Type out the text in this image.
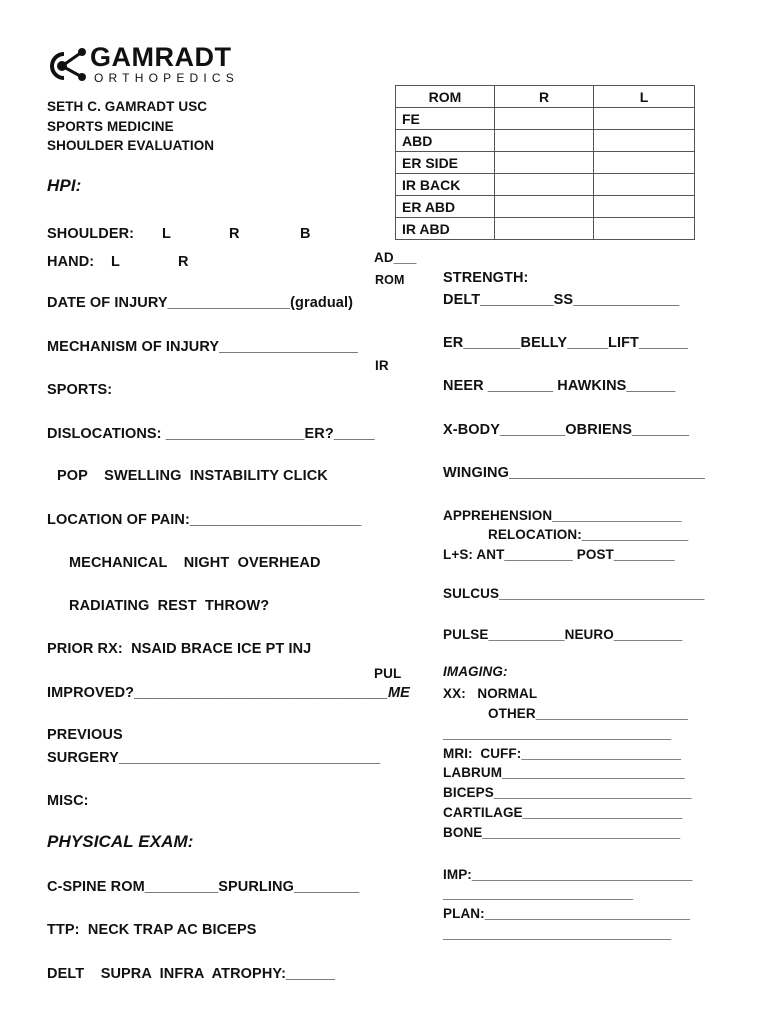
GAMRADT
ORTHOPEDICS
SETH C. GAMRADT USC
SPORTS MEDICINE
SHOULDER EVALUATION
ROM	R	L
FE		
ABD		
ER SIDE		
IR BACK		
ER ABD		
IR ABD		
HPI:
SHOULDER: L	R	B
HAND: L	R	AD___
ROM
DATE OF INJURY_______________(gradual)
MECHANISM OF INJURY_________________
IR
SPORTS:
DISLOCATIONS: _________________ER?_____
POP    SWELLING  INSTABILITY CLICK
LOCATION OF PAIN:_____________________
MECHANICAL    NIGHT  OVERHEAD
RADIATING  REST  THROW?
PRIOR RX:  NSAID BRACE ICE PT INJ
PUL
IMPROVED?_______________________________ ME
PREVIOUS
SURGERY________________________________
MISC:
PHYSICAL EXAM:
C-SPINE ROM_________SPURLING________
TTP:  NECK TRAP AC BICEPS
DELT    SUPRA  INFRA  ATROPHY:______
STRENGTH:
DELT_________SS_____________
ER_______BELLY_____LIFT______
NEER ________ HAWKINS______
X-BODY________OBRIENS_______
WINGING________________________
APPREHENSION_________________
RELOCATION:______________
L+S: ANT_________ POST________
SULCUS___________________________
PULSE__________NEURO_________
IMAGING:
XX:   NORMAL
OTHER____________________
______________________________
MRI:  CUFF:_____________________
LABRUM________________________
BICEPS__________________________
CARTILAGE_____________________
BONE__________________________
IMP:_____________________________
_________________________
PLAN:___________________________
______________________________
